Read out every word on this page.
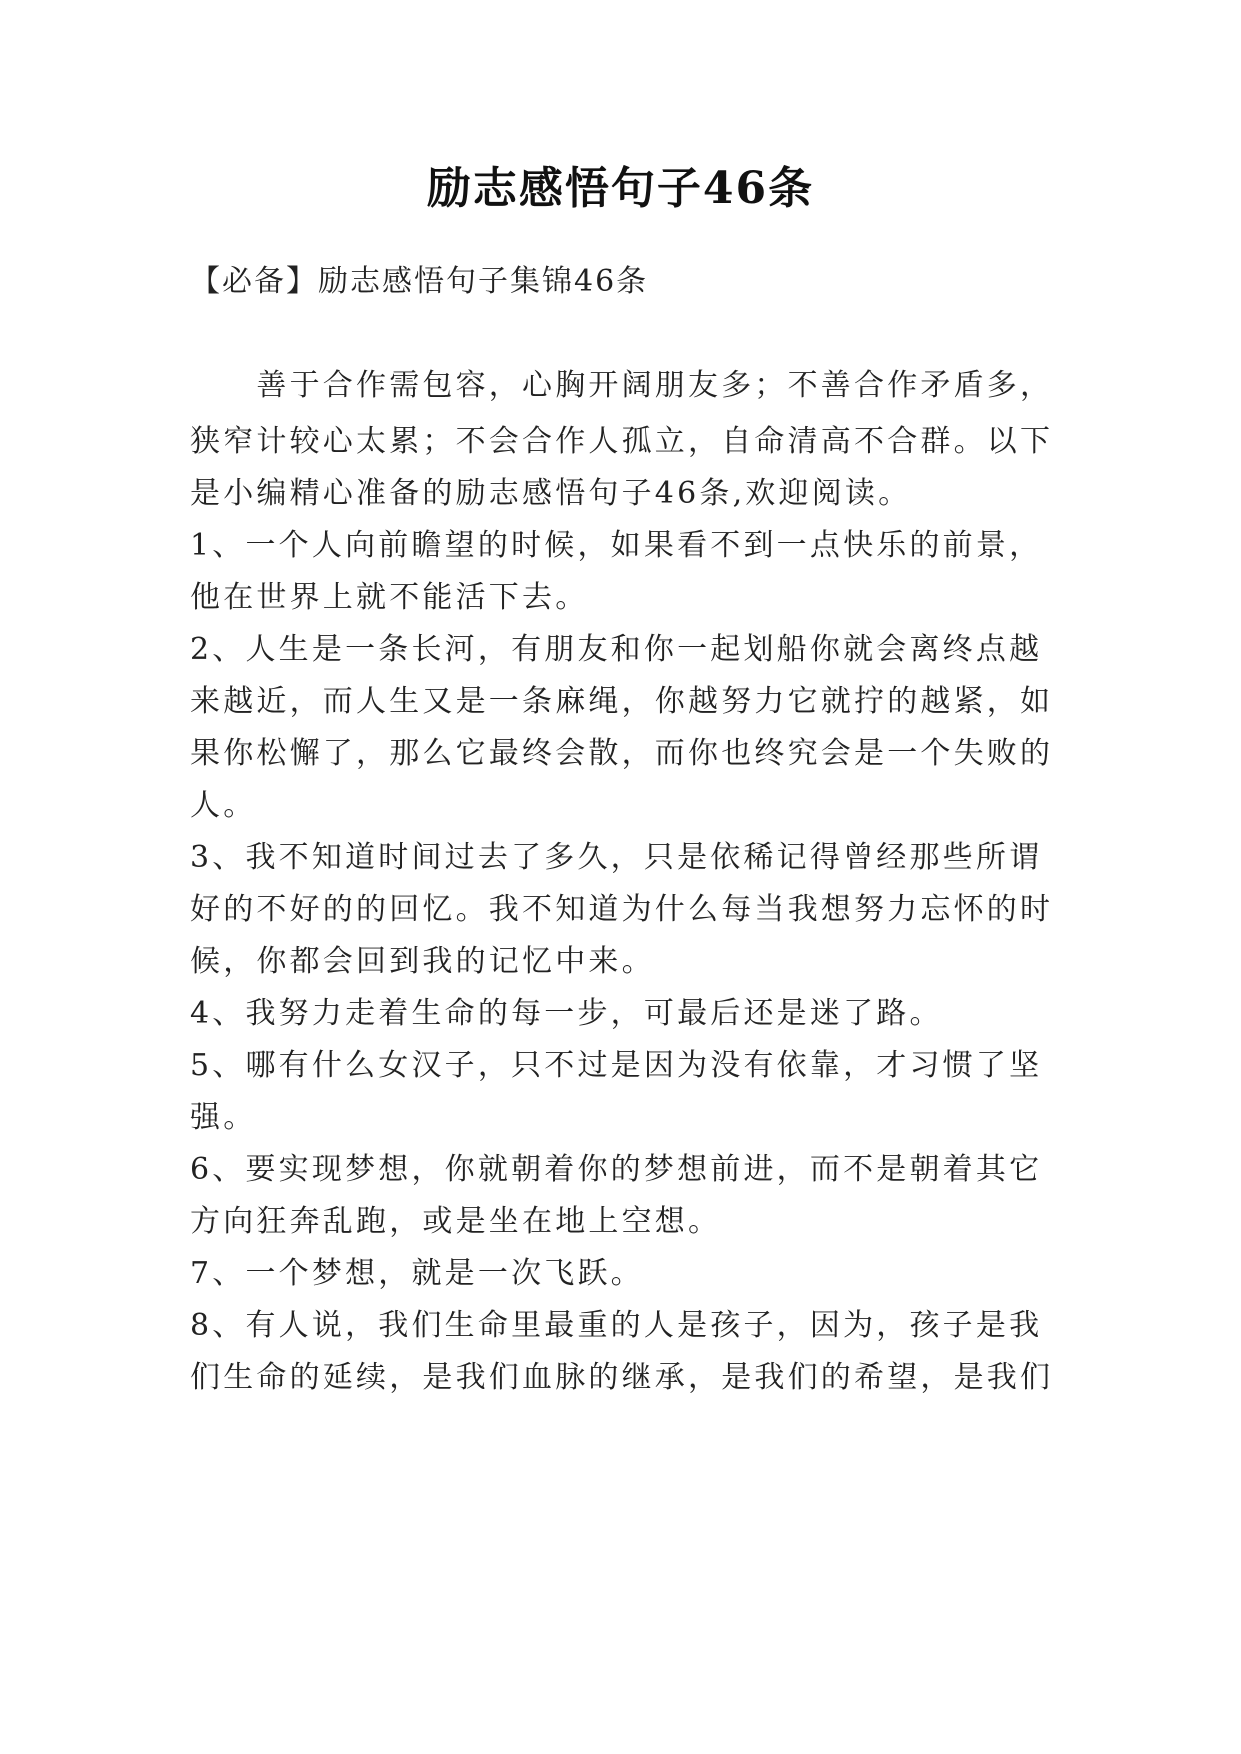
励志感悟句子46条
【必备】励志感悟句子集锦46条
　　善于合作需包容，心胸开阔朋友多；不善合作矛盾多，
狭窄计较心太累；不会合作人孤立，自命清高不合群。以下
是小编精心准备的励志感悟句子46条,欢迎阅读。
1、一个人向前瞻望的时候，如果看不到一点快乐的前景，
他在世界上就不能活下去。
2、人生是一条长河，有朋友和你一起划船你就会离终点越
来越近，而人生又是一条麻绳，你越努力它就拧的越紧，如
果你松懈了，那么它最终会散，而你也终究会是一个失败的
人。
3、我不知道时间过去了多久，只是依稀记得曾经那些所谓
好的不好的的回忆。我不知道为什么每当我想努力忘怀的时
候，你都会回到我的记忆中来。
4、我努力走着生命的每一步，可最后还是迷了路。
5、哪有什么女汉子，只不过是因为没有依靠，才习惯了坚
强。
6、要实现梦想，你就朝着你的梦想前进，而不是朝着其它
方向狂奔乱跑，或是坐在地上空想。
7、一个梦想，就是一次飞跃。
8、有人说，我们生命里最重的人是孩子，因为，孩子是我
们生命的延续，是我们血脉的继承，是我们的希望，是我们
